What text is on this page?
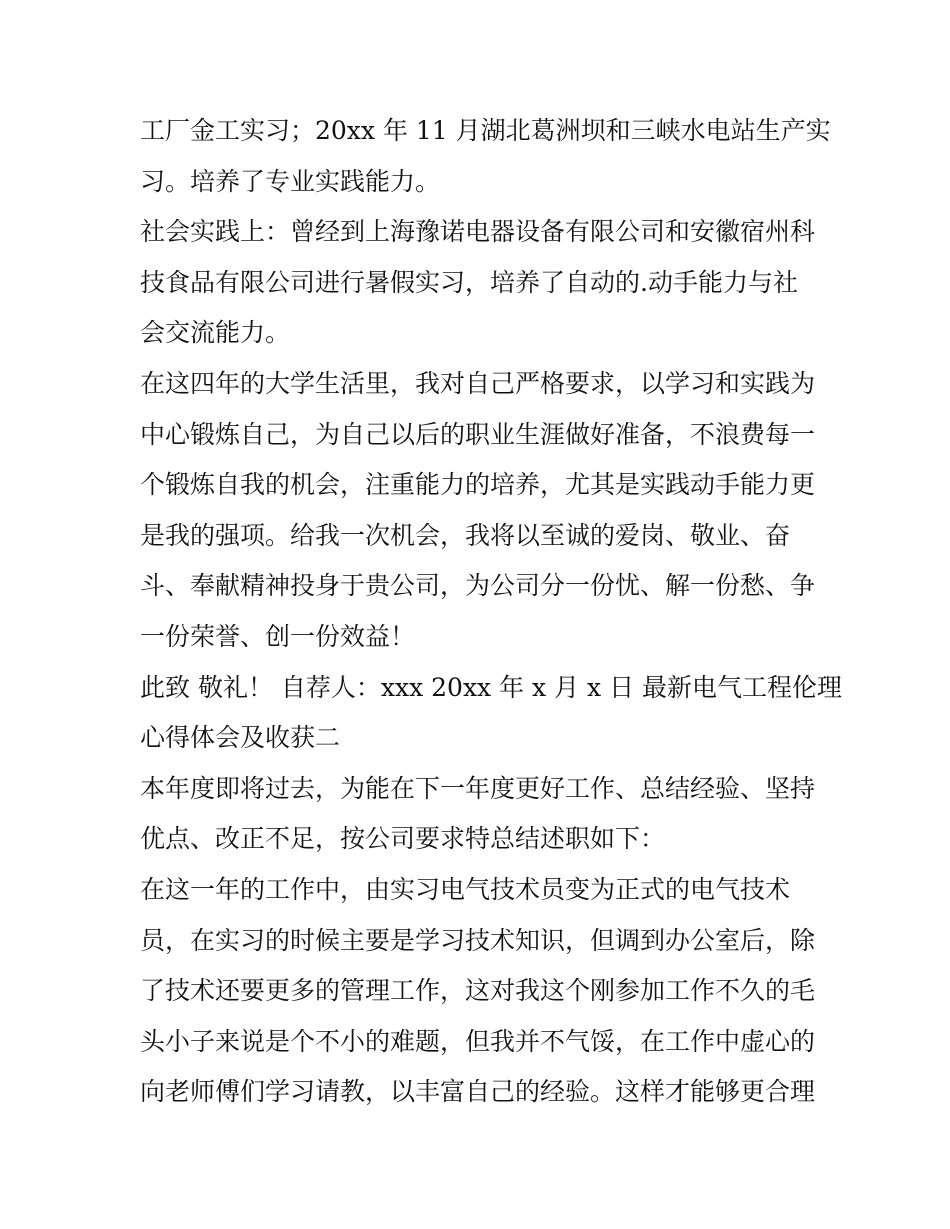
工厂金工实习；20xx 年 11 月湖北葛洲坝和三峡水电站生产实
习。培养了专业实践能力。
社会实践上：曾经到上海豫诺电器设备有限公司和安徽宿州科
技食品有限公司进行暑假实习，培养了自动的.动手能力与社
会交流能力。
在这四年的大学生活里，我对自己严格要求，以学习和实践为
中心锻炼自己，为自己以后的职业生涯做好准备，不浪费每一
个锻炼自我的机会，注重能力的培养，尤其是实践动手能力更
是我的强项。给我一次机会，我将以至诚的爱岗、敬业、奋
斗、奉献精神投身于贵公司，为公司分一份忧、解一份愁、争
一份荣誉、创一份效益！
此致 敬礼！ 自荐人：xxx 20xx 年 x 月 x 日 最新电气工程伦理
心得体会及收获二
本年度即将过去，为能在下一年度更好工作、总结经验、坚持
优点、改正不足，按公司要求特总结述职如下：
在这一年的工作中，由实习电气技术员变为正式的电气技术
员，在实习的时候主要是学习技术知识，但调到办公室后，除
了技术还要更多的管理工作，这对我这个刚参加工作不久的毛
头小子来说是个不小的难题，但我并不气馁，在工作中虚心的
向老师傅们学习请教，以丰富自己的经验。这样才能够更合理
